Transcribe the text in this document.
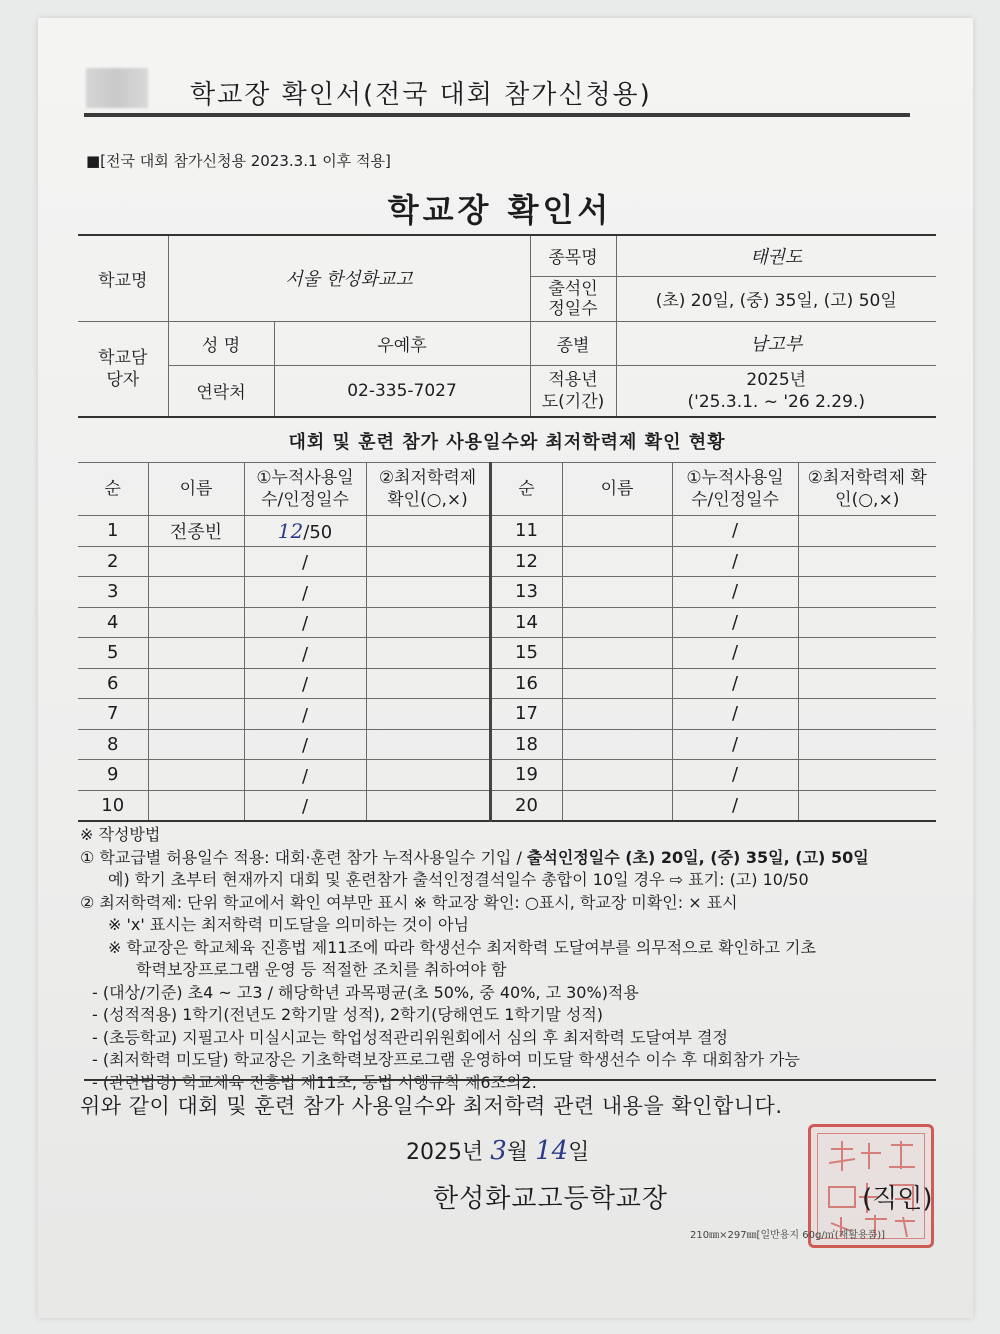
학교장 확인서(전국 대회 참가신청용)
■[전국 대회 참가신청용 2023.3.1 이후 적용]
학교장 확인서
학교명	서울 한성화교고		종목명	태권도
			출석인정일수	(초) 20일, (중) 35일, (고) 50일
학교담당자	성 명	우예후	종별	남고부
	연락처	02-335-7027	적용년도(기간)	2025년
('25.3.1. ~ '26 2.29.)
대회 및 훈련 참가 사용일수와 최저학력제 확인 현황
순	이름	①누적사용일수/인정일수	②최저학력제 확인(○,×)	순	이름	①누적사용일수/인정일수	②최저학력제 확인(○,×)
1	전종빈	12/50		11		/	
2		/		12		/	
3		/		13		/	
4		/		14		/	
5		/		15		/	
6		/		16		/	
7		/		17		/	
8		/		18		/	
9		/		19		/	
10		/		20		/	
※ 작성방법
① 학교급별 허용일수 적용: 대회·훈련 참가 누적사용일수 기입 / 출석인정일수 (초) 20일, (중) 35일, (고) 50일
예) 학기 초부터 현재까지 대회 및 훈련참가 출석인정결석일수 총합이 10일 경우 ⇨ 표기: (고) 10/50
② 최저학력제: 단위 학교에서 확인 여부만 표시 ※ 학교장 확인: ○표시, 학교장 미확인: × 표시
※ 'x' 표시는 최저학력 미도달을 의미하는 것이 아님
※ 학교장은 학교체육 진흥법 제11조에 따라 학생선수 최저학력 도달여부를 의무적으로 확인하고 기초
학력보장프로그램 운영 등 적절한 조치를 취하여야 함
- (대상/기준) 초4 ~ 고3 / 해당학년 과목평균(초 50%, 중 40%, 고 30%)적용
- (성적적용) 1학기(전년도 2학기말 성적), 2학기(당해연도 1학기말 성적)
- (초등학교) 지필고사 미실시교는 학업성적관리위원회에서 심의 후 최저학력 도달여부 결정
- (최저학력 미도달) 학교장은 기초학력보장프로그램 운영하여 미도달 학생선수 이수 후 대회참가 가능
- (관련법령) 학교체육 진흥법 제11조, 동법 시행규칙 제6조의2.
위와 같이 대회 및 훈련 참가 사용일수와 최저학력 관련 내용을 확인합니다.
2025년 3월 14일
한성화교고등학교장	(직인)
210㎜×297㎜[일반용지 60g/㎡(재활용품)]
